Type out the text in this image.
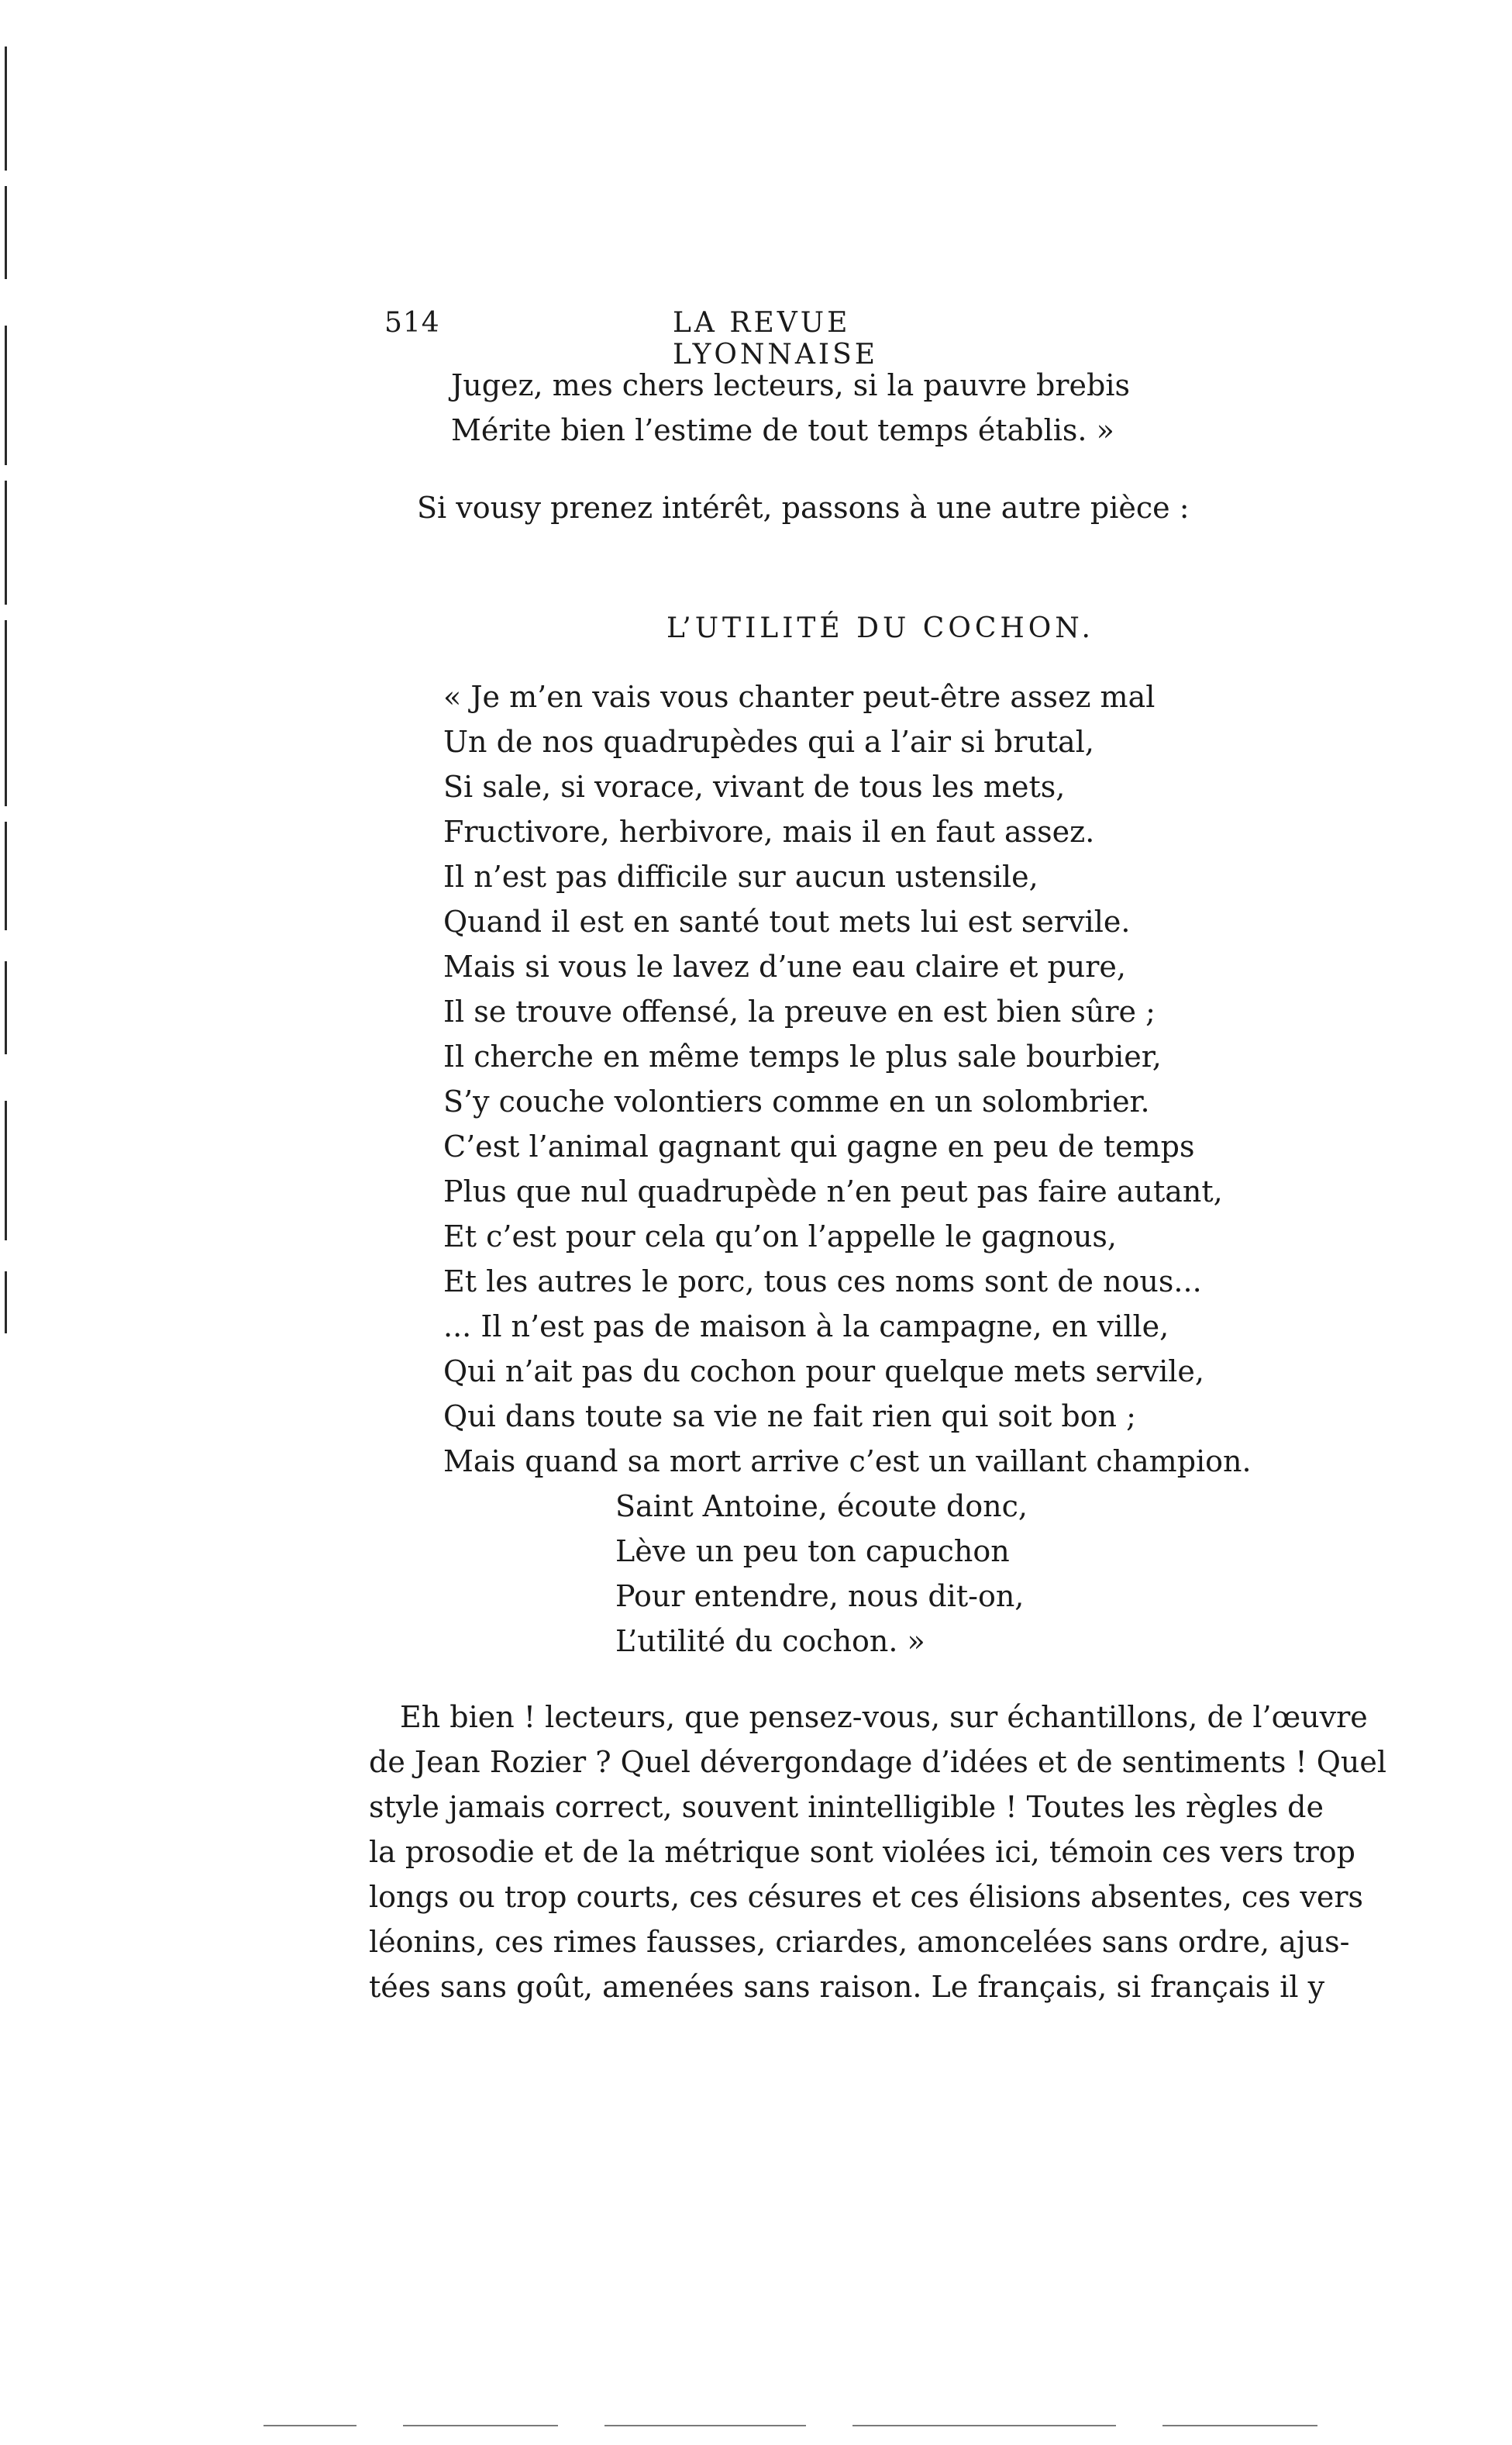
514	LA REVUE LYONNAISE
Jugez, mes chers lecteurs, si la pauvre brebis
Mérite bien l’estime de tout temps établis. »
Si vousy prenez intérêt, passons à une autre pièce :
L’UTILITÉ DU COCHON.
« Je m’en vais vous chanter peut-être assez mal
Un de nos quadrupèdes qui a l’air si brutal,
Si sale, si vorace, vivant de tous les mets,
Fructivore, herbivore, mais il en faut assez.
Il n’est pas difficile sur aucun ustensile,
Quand il est en santé tout mets lui est servile.
Mais si vous le lavez d’une eau claire et pure,
Il se trouve offensé, la preuve en est bien sûre ;
Il cherche en même temps le plus sale bourbier,
S’y couche volontiers comme en un solombrier.
C’est l’animal gagnant qui gagne en peu de temps
Plus que nul quadrupède n’en peut pas faire autant,
Et c’est pour cela qu’on l’appelle le gagnous,
Et les autres le porc, tous ces noms sont de nous...
... Il n’est pas de maison à la campagne, en ville,
Qui n’ait pas du cochon pour quelque mets servile,
Qui dans toute sa vie ne fait rien qui soit bon ;
Mais quand sa mort arrive c’est un vaillant champion.
Saint Antoine, écoute donc,
Lève un peu ton capuchon
Pour entendre, nous dit-on,
L’utilité du cochon. »
Eh bien ! lecteurs, que pensez-vous, sur échantillons, de l’œuvre
de Jean Rozier ? Quel dévergondage d’idées et de sentiments ! Quel
style jamais correct, souvent inintelligible ! Toutes les règles de
la prosodie et de la métrique sont violées ici, témoin ces vers trop
longs ou trop courts, ces césures et ces élisions absentes, ces vers
léonins, ces rimes fausses, criardes, amoncelées sans ordre, ajus-
tées sans goût, amenées sans raison. Le français, si français il y
